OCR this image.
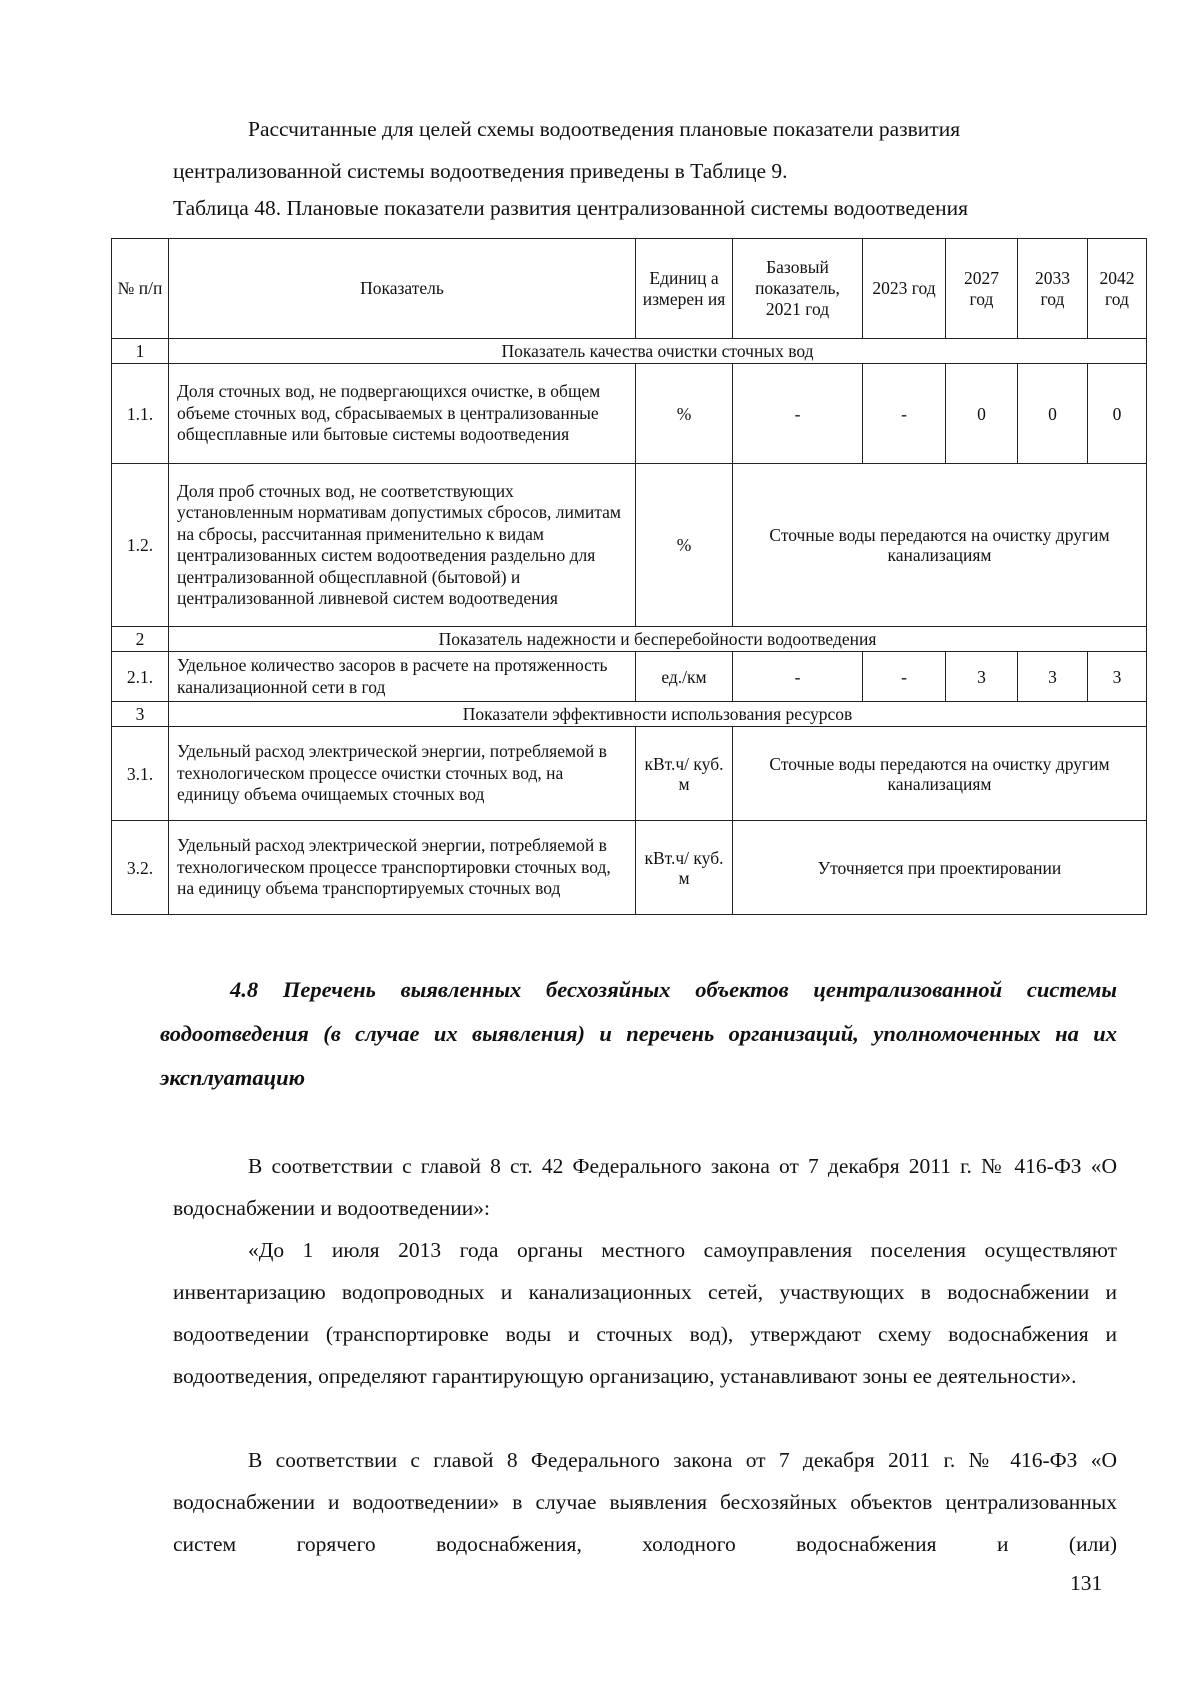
Рассчитанные для целей схемы водоотведения плановые показатели развития
централизованной системы водоотведения приведены в Таблице 9.

Таблица 48. Плановые показатели развития централизованной системы водоотведения

№ п/п	Показатель	Единиц а измерен ия	Базовый показатель, 2021 год	2023 год	2027 год	2033 год	2042 год
1	Показатель качества очистки сточных вод						
1.1.	Доля сточных вод, не подвергающихся очистке, в общем объеме сточных вод, сбрасываемых в централизованные общесплавные или бытовые системы водоотведения	%	-	-	0	0	0
1.2.	Доля проб сточных вод, не соответствующих установленным нормативам допустимых сбросов, лимитам на сбросы, рассчитанная применительно к видам централизованных систем водоотведения раздельно для централизованной общесплавной (бытовой) и централизованной ливневой систем водоотведения	%	Сточные воды передаются на очистку другим канализациям				
2	Показатель надежности и бесперебойности водоотведения						
2.1.	Удельное количество засоров в расчете на протяженность канализационной сети в год	ед./км	-	-	3	3	3
3	Показатели эффективности использования ресурсов						
3.1.	Удельный расход электрической энергии, потребляемой в технологическом процессе очистки сточных вод, на единицу объема очищаемых сточных вод	кВт.ч/ куб. м	Сточные воды передаются на очистку другим канализациям				
3.2.	Удельный расход электрической энергии, потребляемой в технологическом процессе транспортировки сточных вод, на единицу объема транспортируемых сточных вод	кВт.ч/ куб. м	Уточняется при проектировании				

4.8 Перечень выявленных бесхозяйных объектов централизованной системы водоотведения (в случае их выявления) и перечень организаций, уполномоченных на их эксплуатацию

В соответствии с главой 8 ст. 42 Федерального закона от 7 декабря 2011 г. № 416-ФЗ «О водоснабжении и водоотведении»:

«До 1 июля 2013 года органы местного самоуправления поселения осуществляют инвентаризацию водопроводных и канализационных сетей, участвующих в водоснабжении и водоотведении (транспортировке воды и сточных вод), утверждают схему водоснабжения и водоотведения, определяют гарантирующую организацию, устанавливают зоны ее деятельности».

В соответствии с главой 8 Федерального закона от 7 декабря 2011 г. № 416-ФЗ «О водоснабжении и водоотведении» в случае выявления бесхозяйных объектов централизованных систем горячего водоснабжения, холодного водоснабжения и (или)

131
